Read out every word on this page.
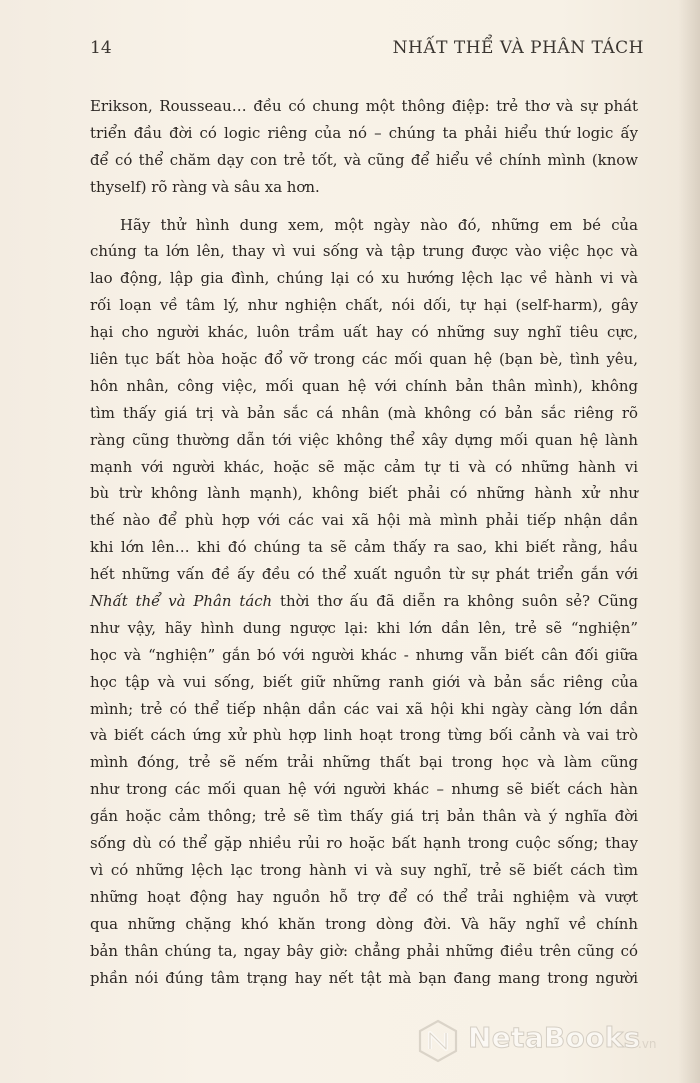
14	NHẤT THỂ VÀ PHÂN TÁCH

Erikson, Rousseau… đều có chung một thông điệp: trẻ thơ và sự phát
triển đầu đời có logic riêng của nó – chúng ta phải hiểu thứ logic ấy
để có thể chăm dạy con trẻ tốt, và cũng để hiểu về chính mình (know
thyself) rõ ràng và sâu xa hơn.

Hãy thử hình dung xem, một ngày nào đó, những em bé của
chúng ta lớn lên, thay vì vui sống và tập trung được vào việc học và
lao động, lập gia đình, chúng lại có xu hướng lệch lạc về hành vi và
rối loạn về tâm lý, như nghiện chất, nói dối, tự hại (self-harm), gây
hại cho người khác, luôn trầm uất hay có những suy nghĩ tiêu cực,
liên tục bất hòa hoặc đổ vỡ trong các mối quan hệ (bạn bè, tình yêu,
hôn nhân, công việc, mối quan hệ với chính bản thân mình), không
tìm thấy giá trị và bản sắc cá nhân (mà không có bản sắc riêng rõ
ràng cũng thường dẫn tới việc không thể xây dựng mối quan hệ lành
mạnh với người khác, hoặc sẽ mặc cảm tự ti và có những hành vi
bù trừ không lành mạnh), không biết phải có những hành xử như
thế nào để phù hợp với các vai xã hội mà mình phải tiếp nhận dần
khi lớn lên… khi đó chúng ta sẽ cảm thấy ra sao, khi biết rằng, hầu
hết những vấn đề ấy đều có thể xuất nguồn từ sự phát triển gắn với
Nhất thể và Phân tách thời thơ ấu đã diễn ra không suôn sẻ? Cũng
như vậy, hãy hình dung ngược lại: khi lớn dần lên, trẻ sẽ “nghiện”
học và “nghiện” gắn bó với người khác - nhưng vẫn biết cân đối giữa
học tập và vui sống, biết giữ những ranh giới và bản sắc riêng của
mình; trẻ có thể tiếp nhận dần các vai xã hội khi ngày càng lớn dần
và biết cách ứng xử phù hợp linh hoạt trong từng bối cảnh và vai trò
mình đóng, trẻ sẽ nếm trải những thất bại trong học và làm cũng
như trong các mối quan hệ với người khác – nhưng sẽ biết cách hàn
gắn hoặc cảm thông; trẻ sẽ tìm thấy giá trị bản thân và ý nghĩa đời
sống dù có thể gặp nhiều rủi ro hoặc bất hạnh trong cuộc sống; thay
vì có những lệch lạc trong hành vi và suy nghĩ, trẻ sẽ biết cách tìm
những hoạt động hay nguồn hỗ trợ để có thể trải nghiệm và vượt
qua những chặng khó khăn trong dòng đời. Và hãy nghĩ về chính
bản thân chúng ta, ngay bây giờ: chẳng phải những điều trên cũng có
phần nói đúng tâm trạng hay nết tật mà bạn đang mang trong người

NetaBooks
.vn
